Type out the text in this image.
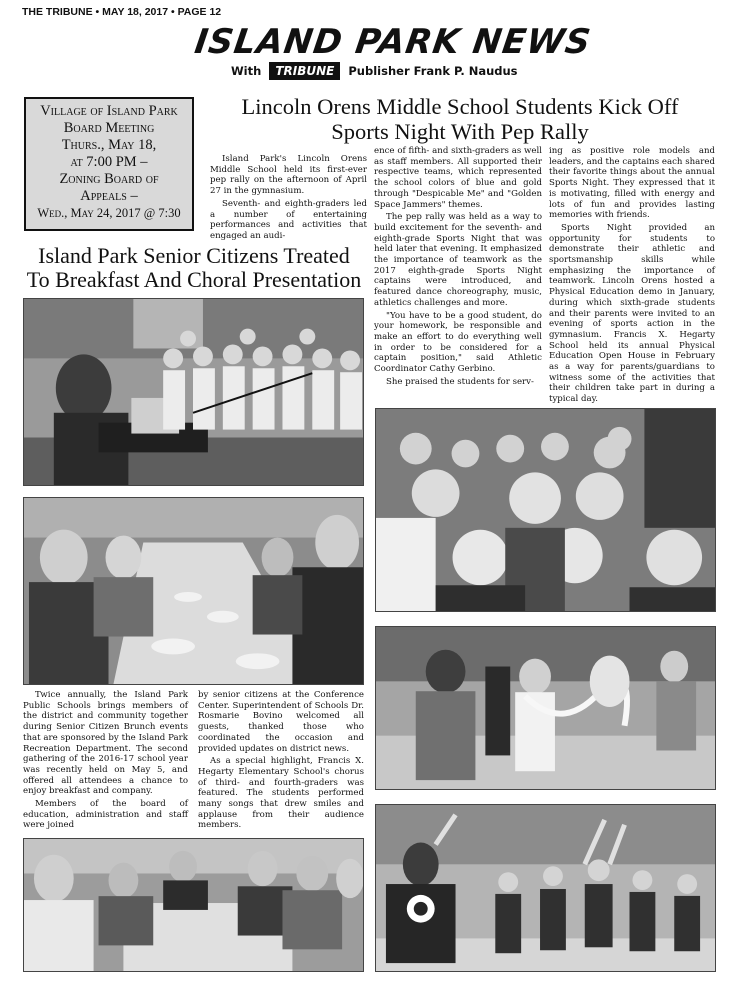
THE TRIBUNE • MAY 18, 2017 • PAGE 12
ISLAND PARK NEWS
With TRIBUNE Publisher Frank P. Naudus
Village of Island Park
Board Meeting
Thurs., May 18,
at 7:00 PM –
Zoning Board of
Appeals –
Wed., May 24, 2017 @ 7:30
Lincoln Orens Middle School Students Kick Off
Sports Night With Pep Rally

Island Park's Lincoln Orens Middle School held its first-ever pep rally on the afternoon of April 27 in the gymnasium.

Seventh- and eighth-graders led a number of entertaining performances and activities that engaged an audi-

ence of fifth- and sixth-graders as well as staff members. All supported their respective teams, which represented the school colors of blue and gold through "Despicable Me" and "Golden Space Jammers" themes.

The pep rally was held as a way to build excitement for the seventh- and eighth-grade Sports Night that was held later that evening. It emphasized the importance of teamwork as the 2017 eighth-grade Sports Night captains were introduced, and featured dance choreography, music, athletics challenges and more.

"You have to be a good student, do your homework, be responsible and make an effort to do everything well in order to be considered for a captain position," said Athletic Coordinator Cathy Gerbino.

She praised the students for serv-

ing as positive role models and leaders, and the captains each shared their favorite things about the annual Sports Night. They expressed that it is motivating, filled with energy and lots of fun and provides lasting memories with friends.

Sports Night provided an opportunity for students to demonstrate their athletic and sportsmanship skills while emphasizing the importance of teamwork. Lincoln Orens hosted a Physical Education demo in January, during which sixth-grade students and their parents were invited to an evening of sports action in the gymnasium. Francis X. Hegarty School held its annual Physical Education Open House in February as a way for parents/guardians to witness some of the activities that their children take part in during a typical day.

Island Park Senior Citizens Treated
To Breakfast And Choral Presentation

Twice annually, the Island Park Public Schools brings members of the district and community together during Senior Citizen Brunch events that are sponsored by the Island Park Recreation Department. The second gathering of the 2016-17 school year was recently held on May 5, and offered all attendees a chance to enjoy breakfast and company.

Members of the board of education, administration and staff were joined

by senior citizens at the Conference Center. Superintendent of Schools Dr. Rosmarie Bovino welcomed all guests, thanked those who coordinated the occasion and provided updates on district news.

As a special highlight, Francis X. Hegarty Elementary School's chorus of third- and fourth-graders was featured. The students performed many songs that drew smiles and applause from their audience members.
